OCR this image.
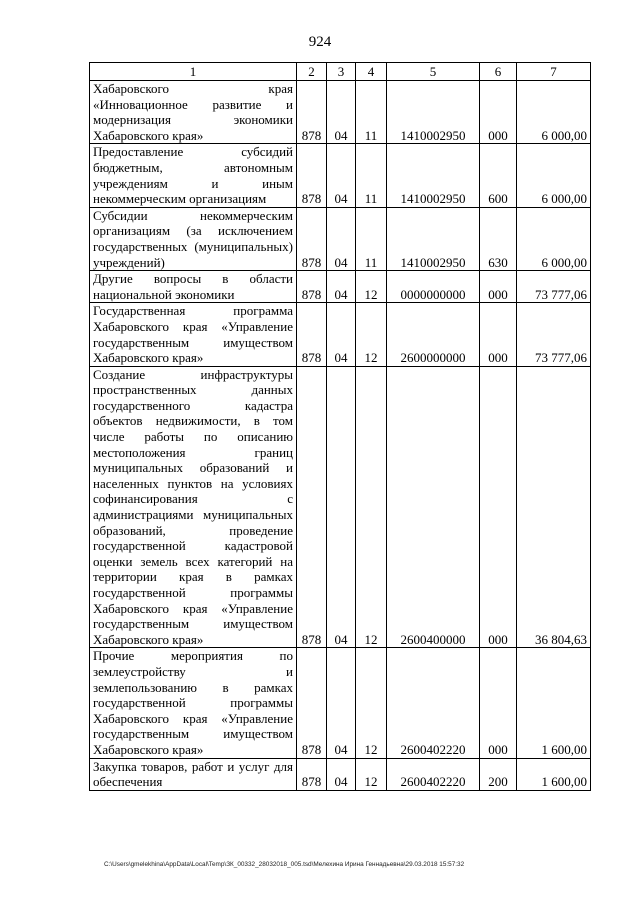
924
1	2	3	4	5	6	7
Хабаровского края «Инновационное развитие и модернизация экономики Хабаровского края»	878	04	11	1410002950	000	6 000,00
Предоставление субсидий бюджетным, автономным учреждениям и иным некоммерческим организациям	878	04	11	1410002950	600	6 000,00
Субсидии некоммерческим организациям (за исключением государственных (муниципальных) учреждений)	878	04	11	1410002950	630	6 000,00
Другие вопросы в области национальной экономики	878	04	12	0000000000	000	73 777,06
Государственная программа Хабаровского края «Управление государственным имуществом Хабаровского края»	878	04	12	2600000000	000	73 777,06
Создание инфраструктуры пространственных данных государственного кадастра объектов недвижимости, в том числе работы по описанию местоположения границ муниципальных образований и населенных пунктов на условиях софинансирования с администрациями муниципальных образований, проведение государственной кадастровой оценки земель всех категорий на территории края в рамках государственной программы Хабаровского края «Управление государственным имуществом Хабаровского края»	878	04	12	2600400000	000	36 804,63
Прочие мероприятия по землеустройству и землепользованию в рамках государственной программы Хабаровского края «Управление государственным имуществом Хабаровского края»	878	04	12	2600402220	000	1 600,00
Закупка товаров, работ и услуг для обеспечения	878	04	12	2600402220	200	1 600,00
C:\Users\gmelekhina\AppData\Local\Temp\ЗК_00332_28032018_005.tsd\Мелехина Ирина Геннадьевна\29.03.2018 15:57:32
